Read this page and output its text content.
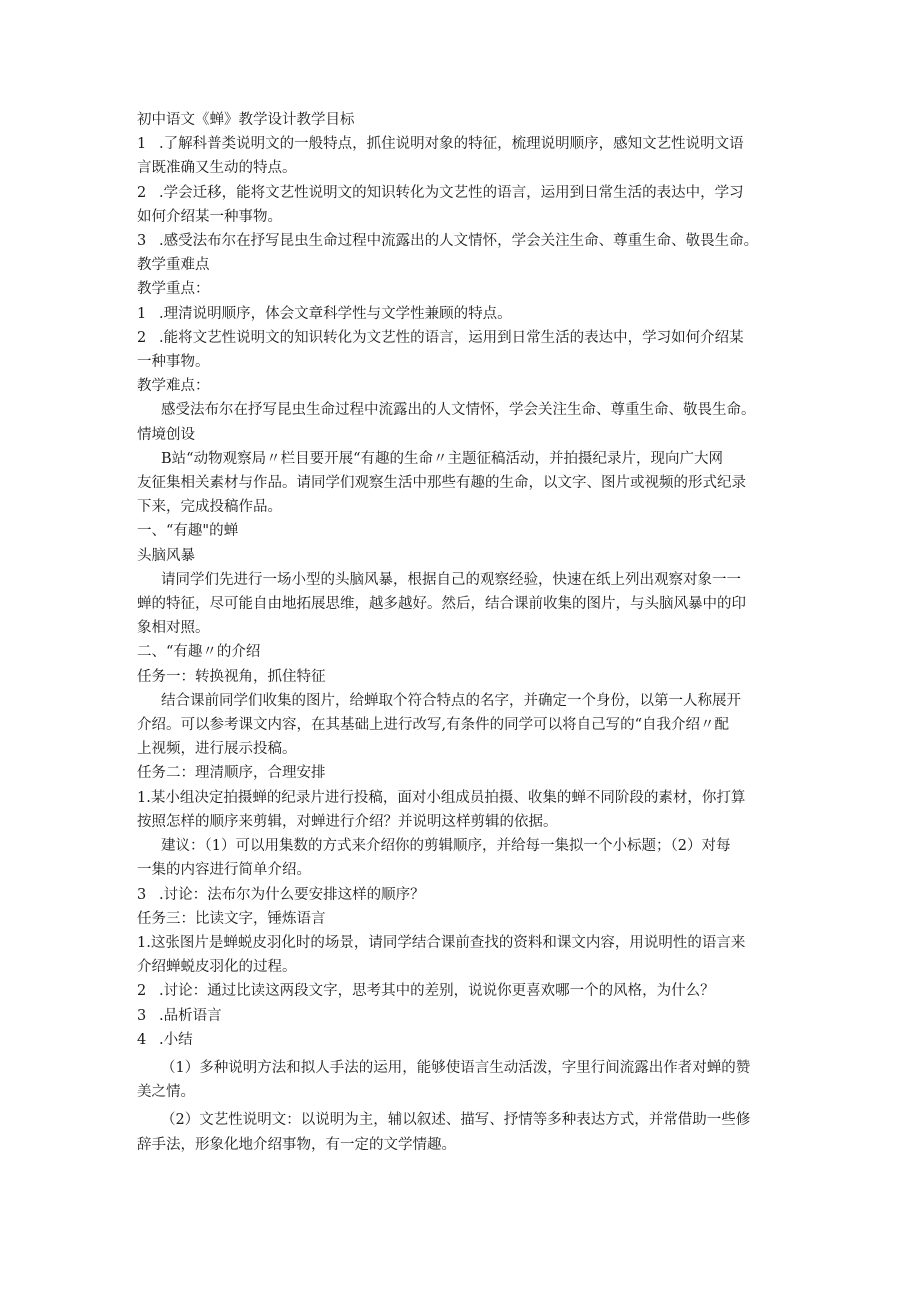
初中语文《蝉》教学设计教学目标

1 .了解科普类说明文的一般特点，抓住说明对象的特征，梳理说明顺序，感知文艺性说明文语

言既准确又生动的特点。

2 .学会迁移，能将文艺性说明文的知识转化为文艺性的语言，运用到日常生活的表达中，学习

如何介绍某一种事物。

3 .感受法布尔在抒写昆虫生命过程中流露出的人文情怀，学会关注生命、尊重生命、敬畏生命。

教学重难点

教学重点：

1 .理清说明顺序，体会文章科学性与文学性兼顾的特点。

2 .能将文艺性说明文的知识转化为文艺性的语言，运用到日常生活的表达中，学习如何介绍某

一种事物。

教学难点：

感受法布尔在抒写昆虫生命过程中流露出的人文情怀，学会关注生命、尊重生命、敬畏生命。

情境创设

B站“动物观察局〃栏目要开展“有趣的生命〃主题征稿活动，并拍摄纪录片，现向广大网

友征集相关素材与作品。请同学们观察生活中那些有趣的生命，以文字、图片或视频的形式纪录

下来，完成投稿作品。

一、“有趣"的蝉

头脑风暴

请同学们先进行一场小型的头脑风暴，根据自己的观察经验，快速在纸上列出观察对象一一

蝉的特征，尽可能自由地拓展思维，越多越好。然后，结合课前收集的图片，与头脑风暴中的印

象相对照。

二、“有趣〃的介绍

任务一：转换视角，抓住特征

结合课前同学们收集的图片，给蝉取个符合特点的名字，并确定一个身份，以第一人称展开

介绍。可以参考课文内容，在其基础上进行改写,有条件的同学可以将自己写的“自我介绍〃配

上视频，进行展示投稿。

任务二：理清顺序，合理安排

1.某小组决定拍摄蝉的纪录片进行投稿，面对小组成员拍摄、收集的蝉不同阶段的素材，你打算

按照怎样的顺序来剪辑，对蝉进行介绍？并说明这样剪辑的依据。

建议：（1）可以用集数的方式来介绍你的剪辑顺序，并给每一集拟一个小标题；（2）对每

一集的内容进行简单介绍。

3 .讨论：法布尔为什么要安排这样的顺序？

任务三：比读文字，锤炼语言

1.这张图片是蝉蜕皮羽化时的场景，请同学结合课前查找的资料和课文内容，用说明性的语言来

介绍蝉蜕皮羽化的过程。

2 .讨论：通过比读这两段文字，思考其中的差别，说说你更喜欢哪一个的风格，为什么？

3 .品析语言

4 .小结

（1）多种说明方法和拟人手法的运用，能够使语言生动活泼，字里行间流露出作者对蝉的赞

美之情。

（2）文艺性说明文：以说明为主，辅以叙述、描写、抒情等多种表达方式，并常借助一些修

辞手法，形象化地介绍事物，有一定的文学情趣。
